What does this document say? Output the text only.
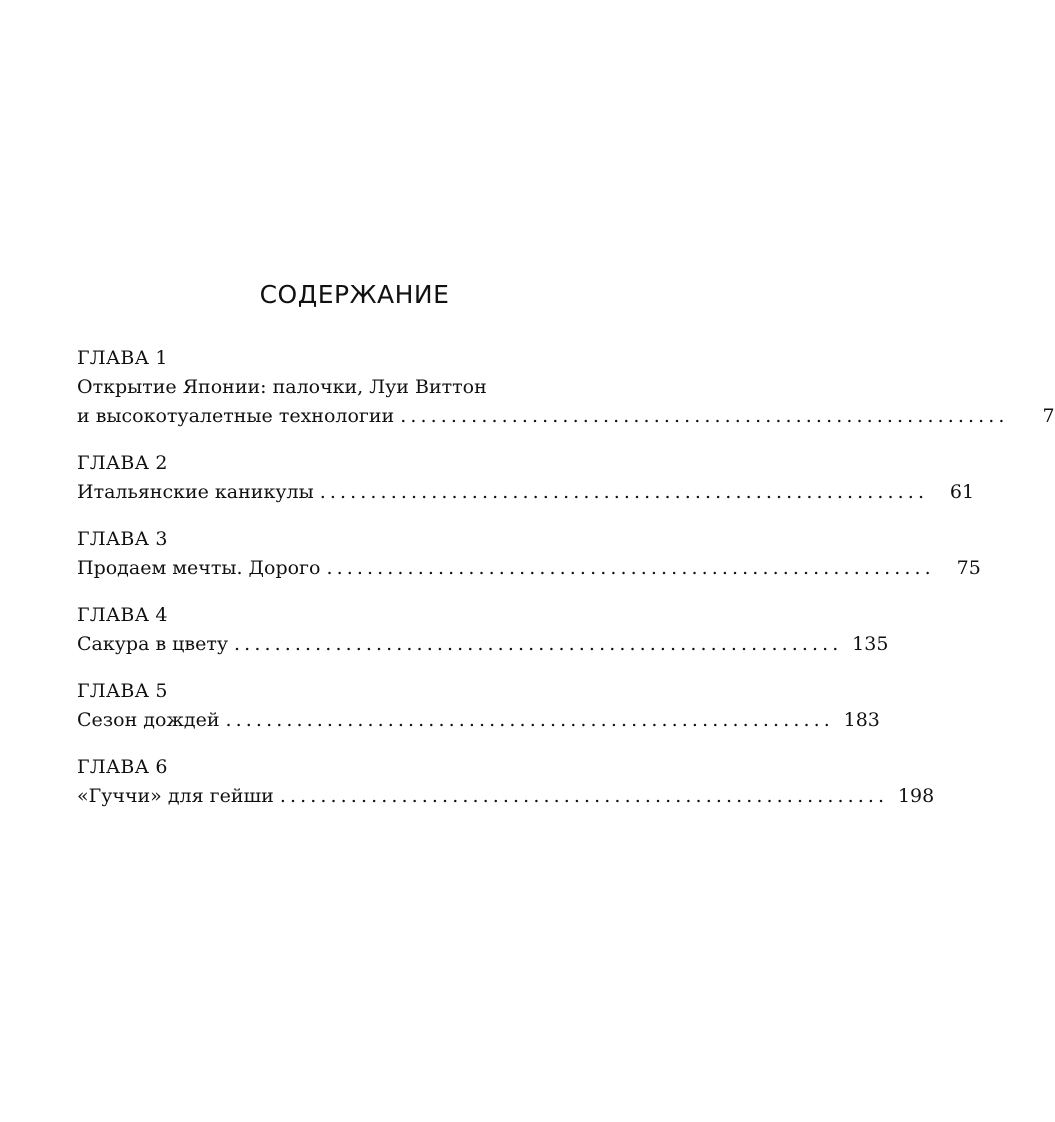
СОДЕРЖАНИЕ
ГЛАВА 1
Открытие Японии: палочки, Луи Виттон
и высокотуалетные технологии ............................................................	7
ГЛАВА 2
Итальянские каникулы ............................................................	61
ГЛАВА 3
Продаем мечты. Дорого ............................................................	75
ГЛАВА 4
Сакура в цвету ............................................................ 135
ГЛАВА 5
Сезон дождей ............................................................ 183
ГЛАВА 6
«Гуччи» для гейши ............................................................ 198
